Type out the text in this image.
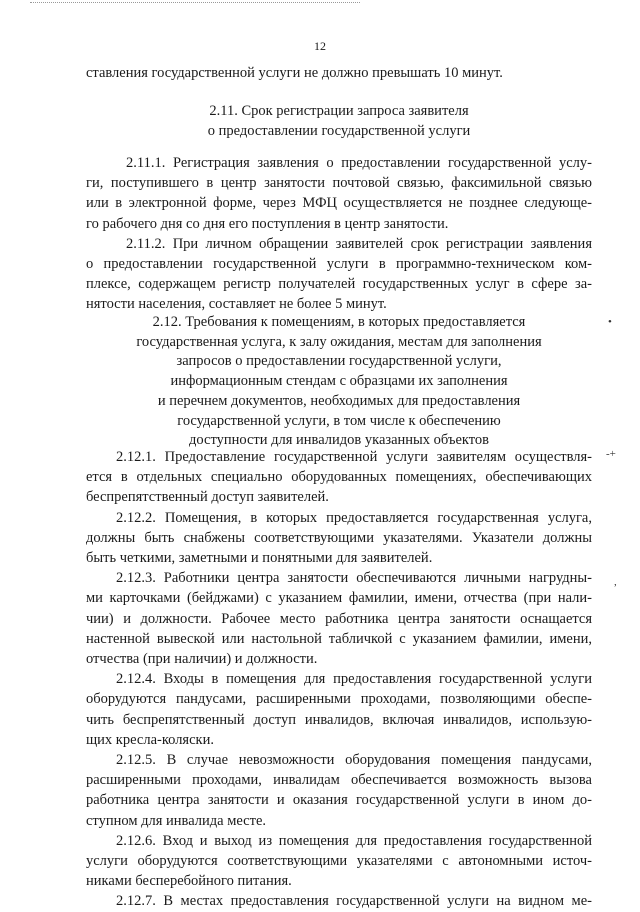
12
ставления государственной услуги не должно превышать 10 минут.
2.11. Срок регистрации запроса заявителя
о предоставлении государственной услуги
2.11.1. Регистрация заявления о предоставлении государственной услу-
ги, поступившего в центр занятости почтовой связью, факсимильной связью
или в электронной форме, через МФЦ осуществляется не позднее следующе-
го рабочего дня со дня его поступления в центр занятости.
2.11.2. При личном обращении заявителей срок регистрации заявления
о предоставлении государственной услуги в программно-техническом ком-
плексе, содержащем регистр получателей государственных услуг в сфере за-
нятости населения, составляет не более 5 минут.
2.12. Требования к помещениям, в которых предоставляется
государственная услуга, к залу ожидания, местам для заполнения
запросов о предоставлении государственной услуги,
информационным стендам с образцами их заполнения
и перечнем документов, необходимых для предоставления
государственной услуги, в том числе к обеспечению
доступности для инвалидов указанных объектов
2.12.1. Предоставление государственной услуги заявителям осуществля-
ется в отдельных специально оборудованных помещениях, обеспечивающих
беспрепятственный доступ заявителей.
2.12.2. Помещения, в которых предоставляется государственная услуга,
должны быть снабжены соответствующими указателями. Указатели должны
быть четкими, заметными и понятными для заявителей.
2.12.3. Работники центра занятости обеспечиваются личными нагрудны-
ми карточками (бейджами) с указанием фамилии, имени, отчества (при нали-
чии) и должности. Рабочее место работника центра занятости оснащается
настенной вывеской или настольной табличкой с указанием фамилии, имени,
отчества (при наличии) и должности.
2.12.4. Входы в помещения для предоставления государственной услуги
оборудуются пандусами, расширенными проходами, позволяющими обеспе-
чить беспрепятственный доступ инвалидов, включая инвалидов, использую-
щих кресла-коляски.
2.12.5. В случае невозможности оборудования помещения пандусами,
расширенными проходами, инвалидам обеспечивается возможность вызова
работника центра занятости и оказания государственной услуги в ином до-
ступном для инвалида месте.
2.12.6. Вход и выход из помещения для предоставления государственной
услуги оборудуются соответствующими указателями с автономными источ-
никами бесперебойного питания.
2.12.7. В местах предоставления государственной услуги на видном ме-
•
-+
,
